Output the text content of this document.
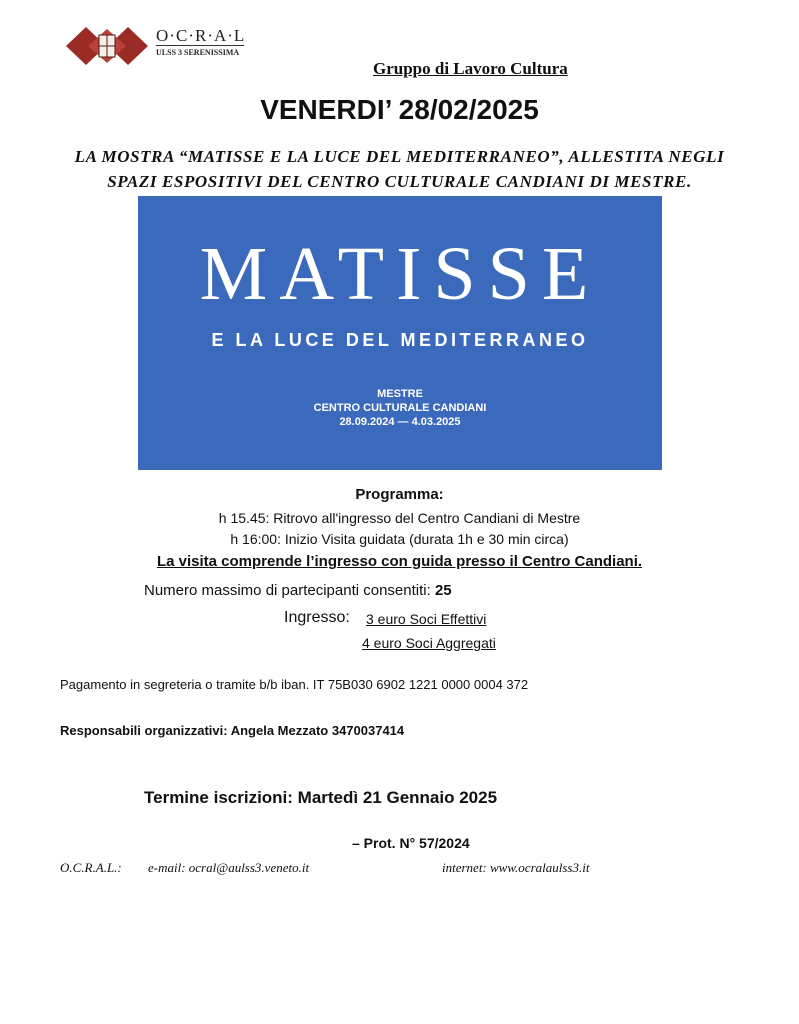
O·C·R·A·L
ULSS 3 SERENISSIMA
Gruppo di Lavoro Cultura
VENERDI’ 28/02/2025
LA MOSTRA “MATISSE E LA LUCE DEL MEDITERRANEO”, ALLESTITA NEGLI
SPAZI ESPOSITIVI DEL CENTRO CULTURALE CANDIANI DI MESTRE.
MATISSE
E LA LUCE DEL MEDITERRANEO
MESTRE
CENTRO CULTURALE CANDIANI
28.09.2024 — 4.03.2025
Programma:
h 15.45: Ritrovo all'ingresso del Centro Candiani di Mestre
h 16:00: Inizio Visita guidata (durata 1h e 30 min circa)
La visita comprende l’ingresso con guida presso il Centro Candiani.
Numero massimo di partecipanti consentiti: 25
Ingresso: 3 euro Soci Effettivi
4 euro Soci Aggregati
Pagamento in segreteria o tramite b/b iban. IT 75B030 6902 1221 0000 0004 372
Responsabili organizzativi: Angela Mezzato 3470037414
Termine iscrizioni: Martedì 21 Gennaio 2025
– Prot. N° 57/2024
O.C.R.A.L.: e-mail: ocral@aulss3.veneto.it	internet: www.ocralaulss3.it
